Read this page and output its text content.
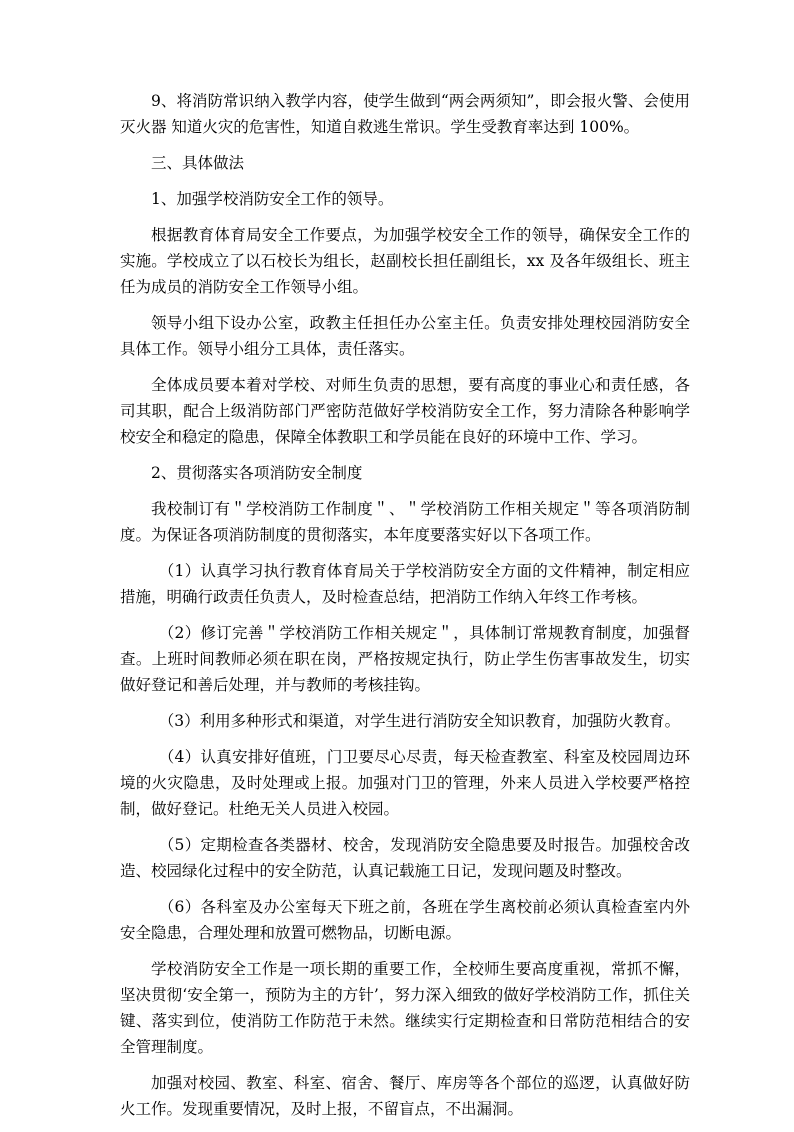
9、将消防常识纳入教学内容，使学生做到“两会两须知”，即会报火警、会使用灭火器 知道火灾的危害性，知道自救逃生常识。学生受教育率达到 100%。

三、具体做法

1、加强学校消防安全工作的领导。

根据教育体育局安全工作要点，为加强学校安全工作的领导，确保安全工作的实施。学校成立了以石校长为组长，赵副校长担任副组长，xx 及各年级组长、班主任为成员的消防安全工作领导小组。

领导小组下设办公室，政教主任担任办公室主任。负责安排处理校园消防安全具体工作。领导小组分工具体，责任落实。

全体成员要本着对学校、对师生负责的思想，要有高度的事业心和责任感，各司其职，配合上级消防部门严密防范做好学校消防安全工作，努力清除各种影响学校安全和稳定的隐患，保障全体教职工和学员能在良好的环境中工作、学习。

2、贯彻落实各项消防安全制度

我校制订有＂学校消防工作制度＂、＂学校消防工作相关规定＂等各项消防制度。为保证各项消防制度的贯彻落实，本年度要落实好以下各项工作。

（1）认真学习执行教育体育局关于学校消防安全方面的文件精神，制定相应措施，明确行政责任负责人，及时检查总结，把消防工作纳入年终工作考核。

（2）修订完善＂学校消防工作相关规定＂，具体制订常规教育制度，加强督查。上班时间教师必须在职在岗，严格按规定执行，防止学生伤害事故发生，切实做好登记和善后处理，并与教师的考核挂钩。

（3）利用多种形式和渠道，对学生进行消防安全知识教育，加强防火教育。

（4）认真安排好值班，门卫要尽心尽责，每天检查教室、科室及校园周边环境的火灾隐患，及时处理或上报。加强对门卫的管理，外来人员进入学校要严格控制，做好登记。杜绝无关人员进入校园。

（5）定期检查各类器材、校舍，发现消防安全隐患要及时报告。加强校舍改造、校园绿化过程中的安全防范，认真记载施工日记，发现问题及时整改。

（6）各科室及办公室每天下班之前，各班在学生离校前必须认真检查室内外安全隐患，合理处理和放置可燃物品，切断电源。

学校消防安全工作是一项长期的重要工作，全校师生要高度重视，常抓不懈，坚决贯彻‘安全第一，预防为主的方针’，努力深入细致的做好学校消防工作，抓住关键、落实到位，使消防工作防范于未然。继续实行定期检查和日常防范相结合的安全管理制度。

加强对校园、教室、科室、宿舍、餐厅、库房等各个部位的巡逻，认真做好防火工作。发现重要情况，及时上报，不留盲点，不出漏洞。
